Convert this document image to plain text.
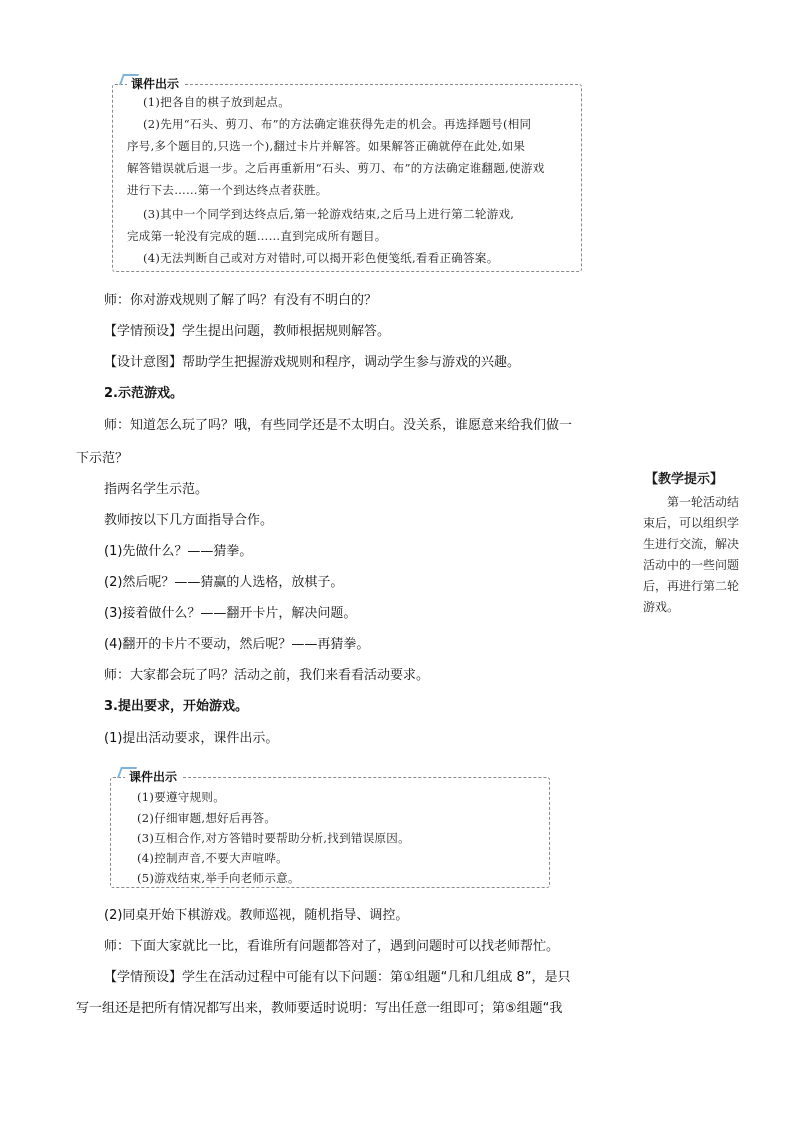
课件出示
(1)把各自的棋子放到起点。
(2)先用“石头、剪刀、布”的方法确定谁获得先走的机会。再选择题号(相同
序号,多个题目的,只选一个),翻过卡片并解答。如果解答正确就停在此处,如果
解答错误就后退一步。之后再重新用“石头、剪刀、布”的方法确定谁翻题,使游戏
进行下去……第一个到达终点者获胜。
(3)其中一个同学到达终点后,第一轮游戏结束,之后马上进行第二轮游戏,
完成第一轮没有完成的题……直到完成所有题目。
(4)无法判断自己或对方对错时,可以揭开彩色便笺纸,看看正确答案。
师：你对游戏规则了解了吗？有没有不明白的？
【学情预设】学生提出问题，教师根据规则解答。
【设计意图】帮助学生把握游戏规则和程序，调动学生参与游戏的兴趣。
2.示范游戏。
师：知道怎么玩了吗？哦，有些同学还是不太明白。没关系，谁愿意来给我们做一
下示范？
指两名学生示范。
教师按以下几方面指导合作。
(1)先做什么？——猜拳。
(2)然后呢？——猜赢的人选格，放棋子。
(3)接着做什么？——翻开卡片，解决问题。
(4)翻开的卡片不要动，然后呢？——再猜拳。
师：大家都会玩了吗？活动之前，我们来看看活动要求。
3.提出要求，开始游戏。
(1)提出活动要求，课件出示。
课件出示
(1)要遵守规则。
(2)仔细审题,想好后再答。
(3)互相合作,对方答错时要帮助分析,找到错误原因。
(4)控制声音,不要大声喧哗。
(5)游戏结束,举手向老师示意。
(2)同桌开始下棋游戏。教师巡视，随机指导、调控。
师：下面大家就比一比，看谁所有问题都答对了，遇到问题时可以找老师帮忙。
【学情预设】学生在活动过程中可能有以下问题：第①组题“几和几组成 8”，是只
写一组还是把所有情况都写出来，教师要适时说明：写出任意一组即可；第⑤组题“我
【教学提示】
第一轮活动结
束后，可以组织学
生进行交流，解决
活动中的一些问题
后，再进行第二轮
游戏。
